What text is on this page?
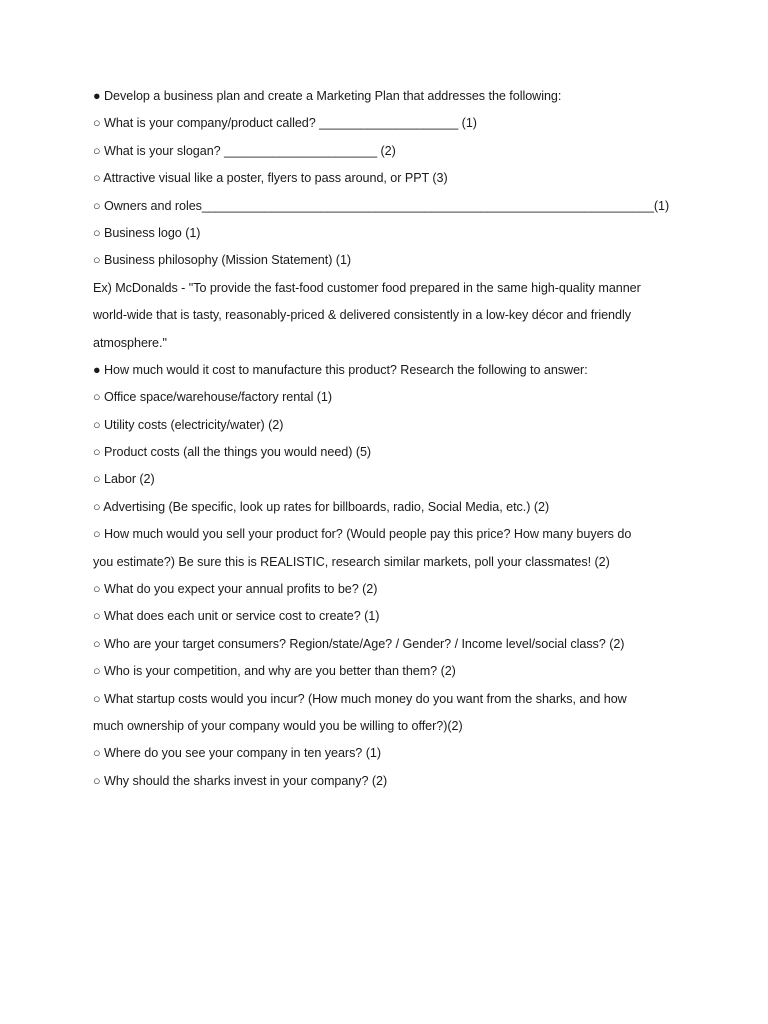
● Develop a business plan and create a Marketing Plan that addresses the following:
○ What is your company/product called? ____________________ (1)
○ What is your slogan? ______________________ (2)
○ Attractive visual like a poster, flyers to pass around, or PPT (3)
○ Owners and roles_________________________________________________________________(1)
○ Business logo (1)
○ Business philosophy (Mission Statement) (1)
Ex) McDonalds - "To provide the fast-food customer food prepared in the same high-quality manner
world-wide that is tasty, reasonably-priced & delivered consistently in a low-key décor and friendly
atmosphere."
● How much would it cost to manufacture this product? Research the following to answer:
○ Office space/warehouse/factory rental (1)
○ Utility costs (electricity/water) (2)
○ Product costs (all the things you would need) (5)
○ Labor (2)
○ Advertising (Be specific, look up rates for billboards, radio, Social Media, etc.) (2)
○ How much would you sell your product for? (Would people pay this price? How many buyers do
you estimate?) Be sure this is REALISTIC, research similar markets, poll your classmates! (2)
○ What do you expect your annual profits to be? (2)
○ What does each unit or service cost to create? (1)
○ Who are your target consumers? Region/state/Age? / Gender? / Income level/social class? (2)
○ Who is your competition, and why are you better than them? (2)
○ What startup costs would you incur? (How much money do you want from the sharks, and how
much ownership of your company would you be willing to offer?)(2)
○ Where do you see your company in ten years? (1)
○ Why should the sharks invest in your company? (2)
